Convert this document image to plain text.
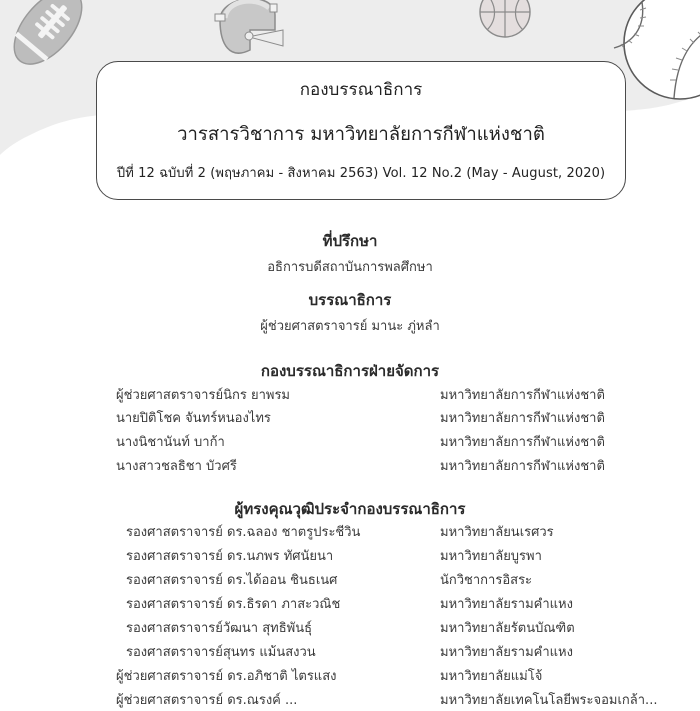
กองบรรณาธิการ
วารสารวิชาการ มหาวิทยาลัยการกีฬาแห่งชาติ
ปีที่ 12 ฉบับที่ 2 (พฤษภาคม - สิงหาคม 2563) Vol. 12 No.2 (May - August, 2020)
ที่ปรึกษา
อธิการบดีสถาบันการพลศึกษา
บรรณาธิการ
ผู้ช่วยศาสตราจารย์ มานะ ภู่หลำ
กองบรรณาธิการฝ่ายจัดการ
ผู้ช่วยศาสตราจารย์นิกร ยาพรม	มหาวิทยาลัยการกีฬาแห่งชาติ
นายปิติโชค จันทร์หนองไทร	มหาวิทยาลัยการกีฬาแห่งชาติ
นางนิชานันท์ บาก้า	มหาวิทยาลัยการกีฬาแห่งชาติ
นางสาวชลธิชา บัวศรี	มหาวิทยาลัยการกีฬาแห่งชาติ
ผู้ทรงคุณวุฒิประจำกองบรรณาธิการ
รองศาสตราจารย์ ดร.ฉลอง ชาตรูประชีวิน	มหาวิทยาลัยนเรศวร
รองศาสตราจารย์ ดร.นภพร ทัศนัยนา	มหาวิทยาลัยบูรพา
รองศาสตราจารย์ ดร.ได้ออน ชินธเนศ	นักวิชาการอิสระ
รองศาสตราจารย์ ดร.ธิรดา ภาสะวณิช	มหาวิทยาลัยรามคำแหง
รองศาสตราจารย์วัฒนา สุทธิพันธุ์	มหาวิทยาลัยรัตนบัณฑิต
รองศาสตราจารย์สุนทร แม้นสงวน	มหาวิทยาลัยรามคำแหง
ผู้ช่วยศาสตราจารย์ ดร.อภิชาติ ไตรแสง	มหาวิทยาลัยแม่โจ้
ผู้ช่วยศาสตราจารย์ ดร.ณรงค์ ...	มหาวิทยาลัยเทคโนโลยีพระจอมเกล้า...
